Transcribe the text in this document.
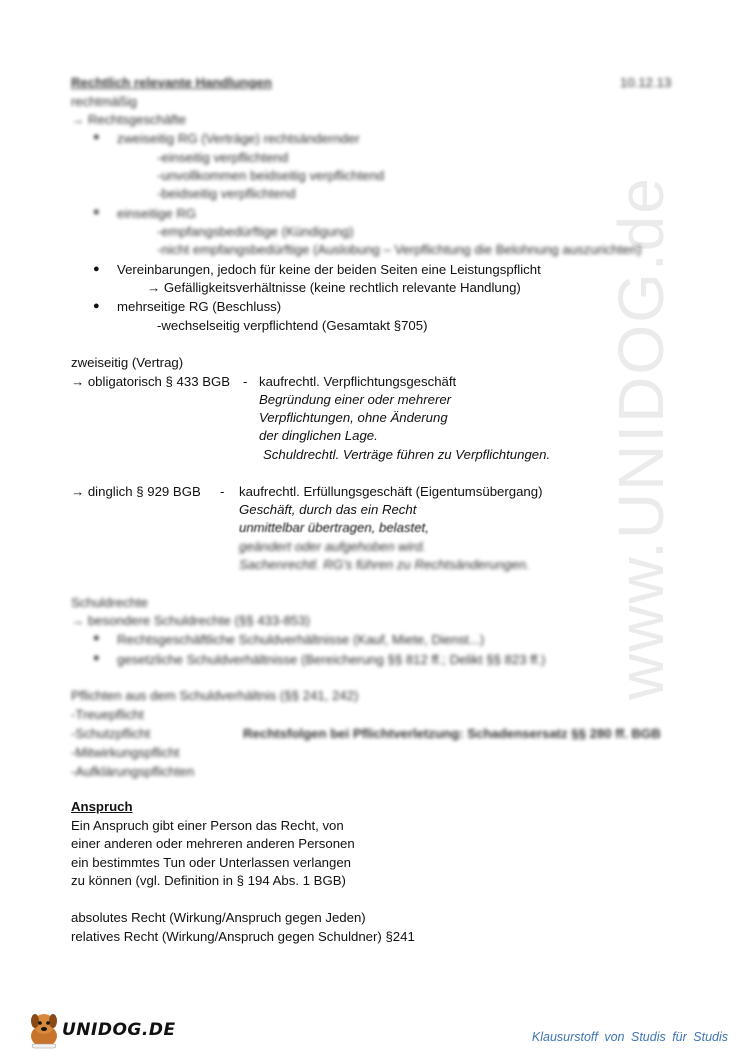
www.UNIDOG.de
Rechtlich relevante Handlungen	10.12.13
rechtmäßig
→ Rechtsgeschäfte
● zweiseitig RG (Verträge) rechtsändernder
-einseitig verpflichtend
-unvollkommen beidseitig verpflichtend
-beidseitig verpflichtend
● einseitige RG
-empfangsbedürftige (Kündigung)
-nicht empfangsbedürftige (Auslobung – Verpflichtung die Belohnung auszurichten)
● Vereinbarungen, jedoch für keine der beiden Seiten eine Leistungspflicht
→ Gefälligkeitsverhältnisse (keine rechtlich relevante Handlung)
● mehrseitige RG (Beschluss)
-wechselseitig verpflichtend (Gesamtakt §705)
zweiseitig (Vertrag)
→ obligatorisch § 433 BGB - kaufrechtl. Verpflichtungsgeschäft
Begründung einer oder mehrerer
Verpflichtungen, ohne Änderung
der dinglichen Lage.
Schuldrechtl. Verträge führen zu Verpflichtungen.
→ dinglich § 929 BGB - kaufrechtl. Erfüllungsgeschäft (Eigentumsübergang)
Geschäft, durch das ein Recht
unmittelbar übertragen, belastet,
geändert oder aufgehoben wird.
Sachenrechtl. RG's führen zu Rechtsänderungen.
Schuldrechte
→ besondere Schuldrechte (§§ 433-853)
● Rechtsgeschäftliche Schuldverhältnisse (Kauf, Miete, Dienst...)
● gesetzliche Schuldverhältnisse (Bereicherung §§ 812 ff.; Delikt §§ 823 ff.)
Pflichten aus dem Schuldverhältnis (§§ 241, 242)
-Treuepflicht
-Schutzpflicht	Rechtsfolgen bei Pflichtverletzung: Schadensersatz §§ 280 ff. BGB
-Mitwirkungspflicht
-Aufklärungspflichten
Anspruch
Ein Anspruch gibt einer Person das Recht, von
einer anderen oder mehreren anderen Personen
ein bestimmtes Tun oder Unterlassen verlangen
zu können (vgl. Definition in § 194 Abs. 1 BGB)
absolutes Recht (Wirkung/Anspruch gegen Jeden)
relatives Recht (Wirkung/Anspruch gegen Schuldner) §241
UNIDOG.DE	Klausurstoff von Studis für Studis
